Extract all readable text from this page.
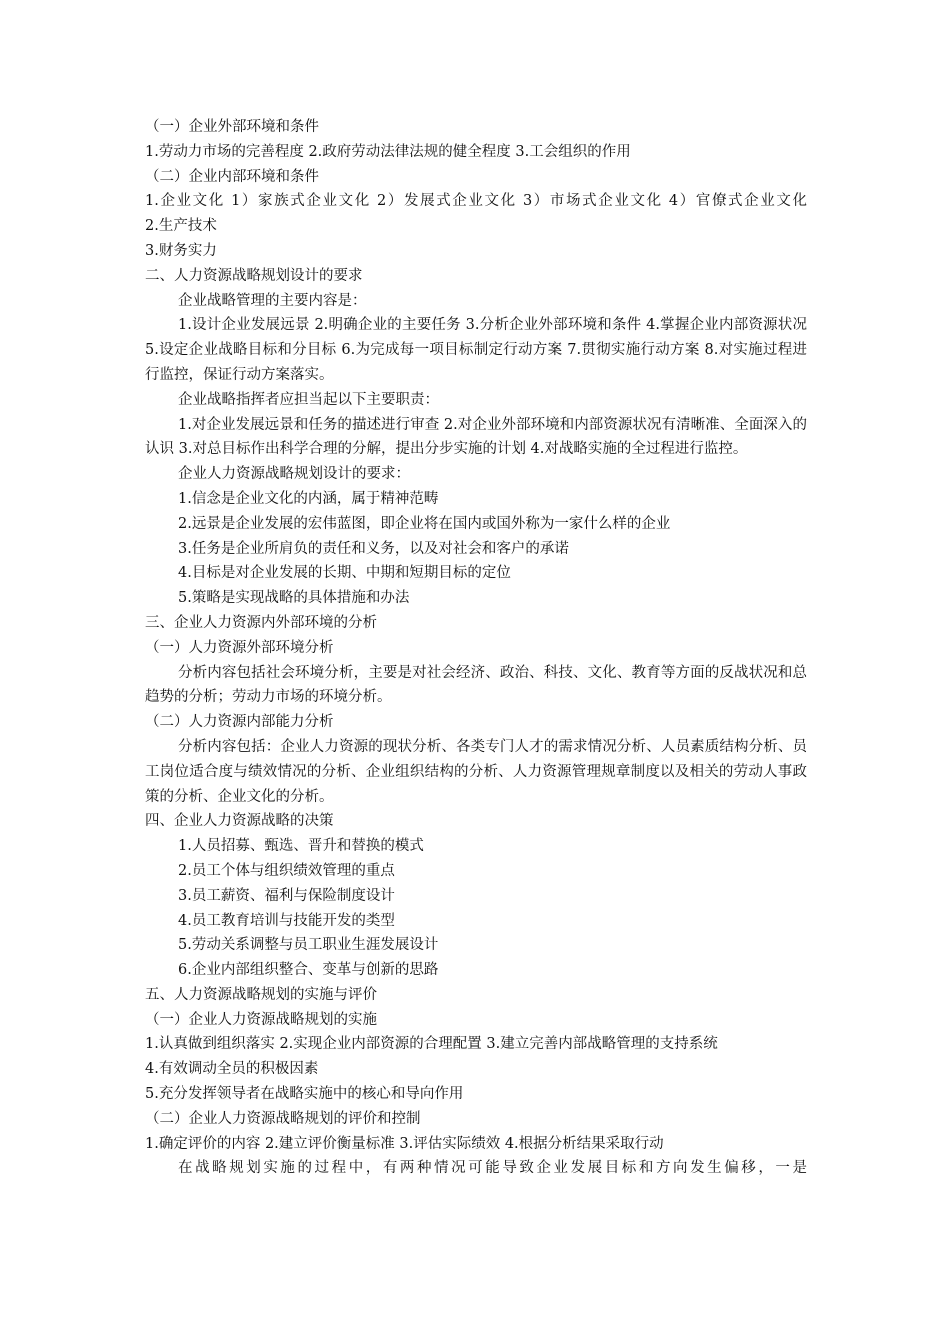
（一）企业外部环境和条件
1.劳动力市场的完善程度 2.政府劳动法律法规的健全程度 3.工会组织的作用
（二）企业内部环境和条件
1.企业文化 1）家族式企业文化 2）发展式企业文化 3）市场式企业文化 4）官僚式企业文化
2.生产技术
3.财务实力
二、人力资源战略规划设计的要求
企业战略管理的主要内容是：

1.设计企业发展远景 2.明确企业的主要任务 3.分析企业外部环境和条件 4.掌握企业内部资源状况 5.设定企业战略目标和分目标 6.为完成每一项目标制定行动方案 7.贯彻实施行动方案 8.对实施过程进行监控，保证行动方案落实。

企业战略指挥者应担当起以下主要职责：

1.对企业发展远景和任务的描述进行审查 2.对企业外部环境和内部资源状况有清晰准、全面深入的认识 3.对总目标作出科学合理的分解，提出分步实施的计划 4.对战略实施的全过程进行监控。

企业人力资源战略规划设计的要求：
1.信念是企业文化的内涵，属于精神范畴
2.远景是企业发展的宏伟蓝图，即企业将在国内或国外称为一家什么样的企业
3.任务是企业所肩负的责任和义务，以及对社会和客户的承诺
4.目标是对企业发展的长期、中期和短期目标的定位
5.策略是实现战略的具体措施和办法
三、企业人力资源内外部环境的分析
（一）人力资源外部环境分析

分析内容包括社会环境分析，主要是对社会经济、政治、科技、文化、教育等方面的反战状况和总趋势的分析；劳动力市场的环境分析。

（二）人力资源内部能力分析

分析内容包括：企业人力资源的现状分析、各类专门人才的需求情况分析、人员素质结构分析、员工岗位适合度与绩效情况的分析、企业组织结构的分析、人力资源管理规章制度以及相关的劳动人事政策的分析、企业文化的分析。

四、企业人力资源战略的决策
1.人员招募、甄选、晋升和替换的模式
2.员工个体与组织绩效管理的重点
3.员工薪资、福利与保险制度设计
4.员工教育培训与技能开发的类型
5.劳动关系调整与员工职业生涯发展设计
6.企业内部组织整合、变革与创新的思路
五、人力资源战略规划的实施与评价
（一）企业人力资源战略规划的实施
1.认真做到组织落实 2.实现企业内部资源的合理配置 3.建立完善内部战略管理的支持系统
4.有效调动全员的积极因素
5.充分发挥领导者在战略实施中的核心和导向作用
（二）企业人力资源战略规划的评价和控制
1.确定评价的内容 2.建立评价衡量标准 3.评估实际绩效 4.根据分析结果采取行动

在战略规划实施的过程中，有两种情况可能导致企业发展目标和方向发生偏移，一是
